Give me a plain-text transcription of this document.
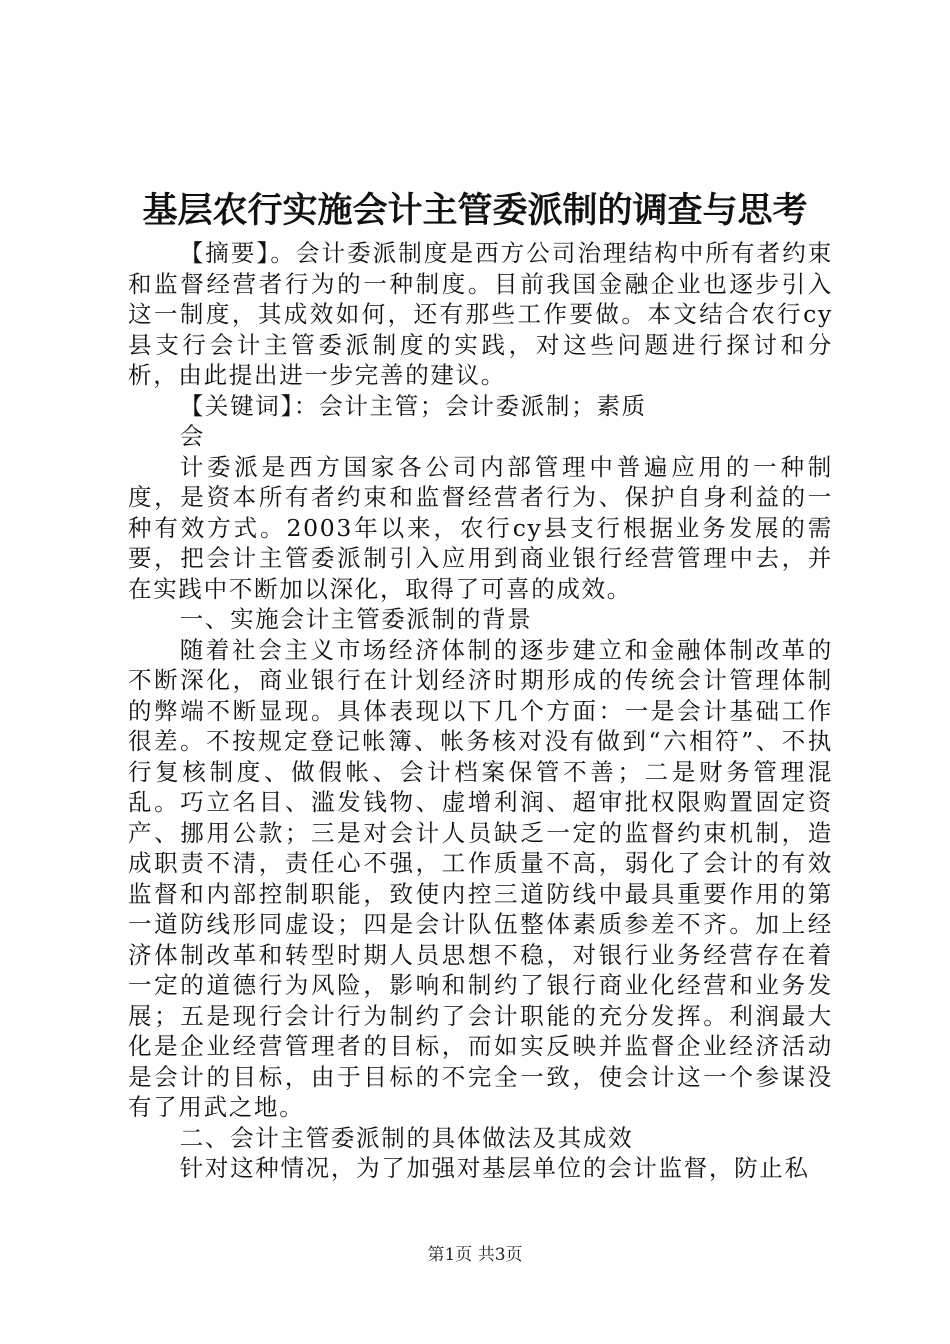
基层农行实施会计主管委派制的调查与思考

【摘要】。会计委派制度是西方公司治理结构中所有者约束和监督经营者行为的一种制度。目前我国金融企业也逐步引入这一制度，其成效如何，还有那些工作要做。本文结合农行cy县支行会计主管委派制度的实践，对这些问题进行探讨和分析，由此提出进一步完善的建议。

【关键词】：会计主管；会计委派制；素质

会

计委派是西方国家各公司内部管理中普遍应用的一种制度，是资本所有者约束和监督经营者行为、保护自身利益的一种有效方式。2003年以来，农行cy县支行根据业务发展的需要，把会计主管委派制引入应用到商业银行经营管理中去，并在实践中不断加以深化，取得了可喜的成效。

一、实施会计主管委派制的背景

随着社会主义市场经济体制的逐步建立和金融体制改革的不断深化，商业银行在计划经济时期形成的传统会计管理体制的弊端不断显现。具体表现以下几个方面：一是会计基础工作很差。不按规定登记帐簿、帐务核对没有做到“六相符”、不执行复核制度、做假帐、会计档案保管不善；二是财务管理混乱。巧立名目、滥发钱物、虚增利润、超审批权限购置固定资产、挪用公款；三是对会计人员缺乏一定的监督约束机制，造成职责不清，责任心不强，工作质量不高，弱化了会计的有效监督和内部控制职能，致使内控三道防线中最具重要作用的第一道防线形同虚设；四是会计队伍整体素质参差不齐。加上经济体制改革和转型时期人员思想不稳，对银行业务经营存在着一定的道德行为风险，影响和制约了银行商业化经营和业务发展；五是现行会计行为制约了会计职能的充分发挥。利润最大化是企业经营管理者的目标，而如实反映并监督企业经济活动是会计的目标，由于目标的不完全一致，使会计这一个参谋没有了用武之地。

二、会计主管委派制的具体做法及其成效

针对这种情况，为了加强对基层单位的会计监督，防止私

第1页 共3页
